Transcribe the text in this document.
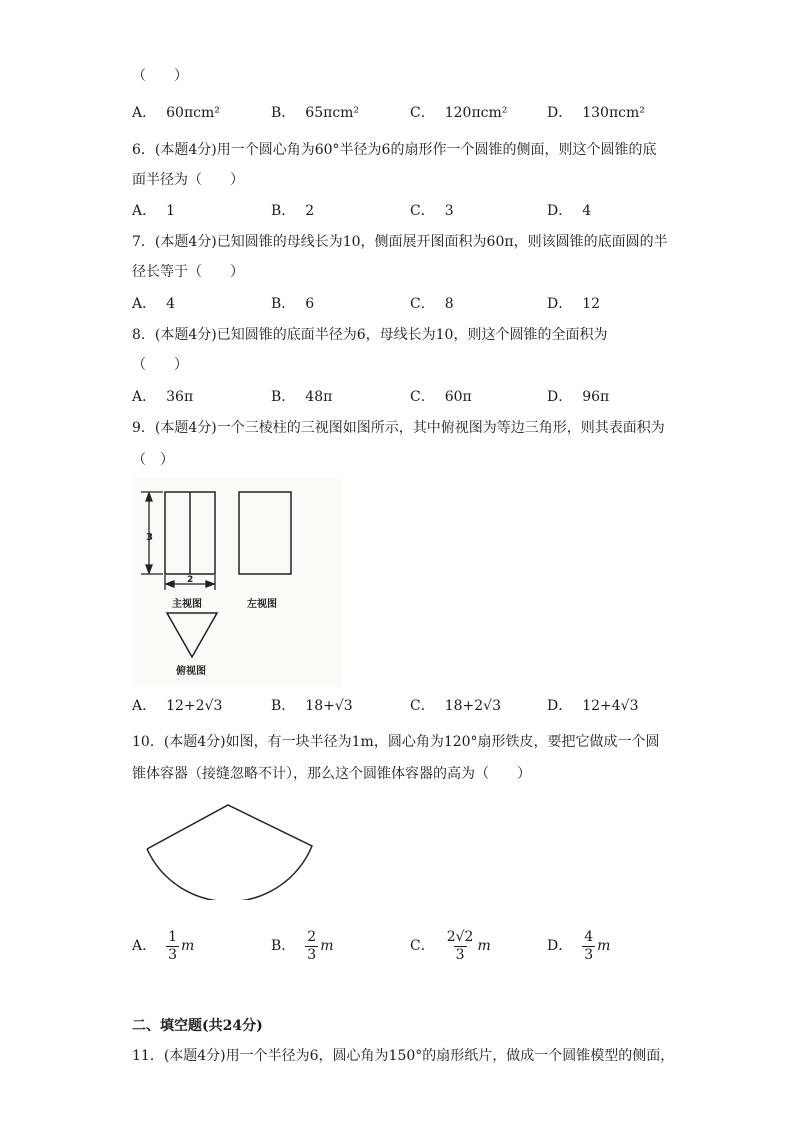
（　　）
A． 60πcm²	B． 65πcm²	C． 120πcm²	D． 130πcm²
6．(本题4分)用一个圆心角为60°半径为6的扇形作一个圆锥的侧面，则这个圆锥的底
面半径为（　　）
A． 1	B． 2	C． 3	D． 4
7．(本题4分)已知圆锥的母线长为10，侧面展开图面积为60π，则该圆锥的底面圆的半
径长等于（　　）
A． 4	B． 6	C． 8	D． 12
8．(本题4分)已知圆锥的底面半径为6，母线长为10，则这个圆锥的全面积为
（　　）
A． 36π	B． 48π	C． 60π	D． 96π
9．(本题4分)一个三棱柱的三视图如图所示，其中俯视图为等边三角形，则其表面积为
（　）
3
2
主视图	左视图
俯视图
A． 12+2√3	B． 18+√3	C． 18+2√3	D． 12+4√3
10．(本题4分)如图，有一块半径为1m，圆心角为120°扇形铁皮，要把它做成一个圆
锥体容器（接缝忽略不计），那么这个圆锥体容器的高为（　　）
A． $\frac{1}{3}$ m	B． $\frac{2}{3}$ m	C． $\frac{2√2}{3}$ m	D． $\frac{4}{3}$ m
二、填空题(共24分)
11．(本题4分)用一个半径为6，圆心角为150°的扇形纸片，做成一个圆锥模型的侧面，
